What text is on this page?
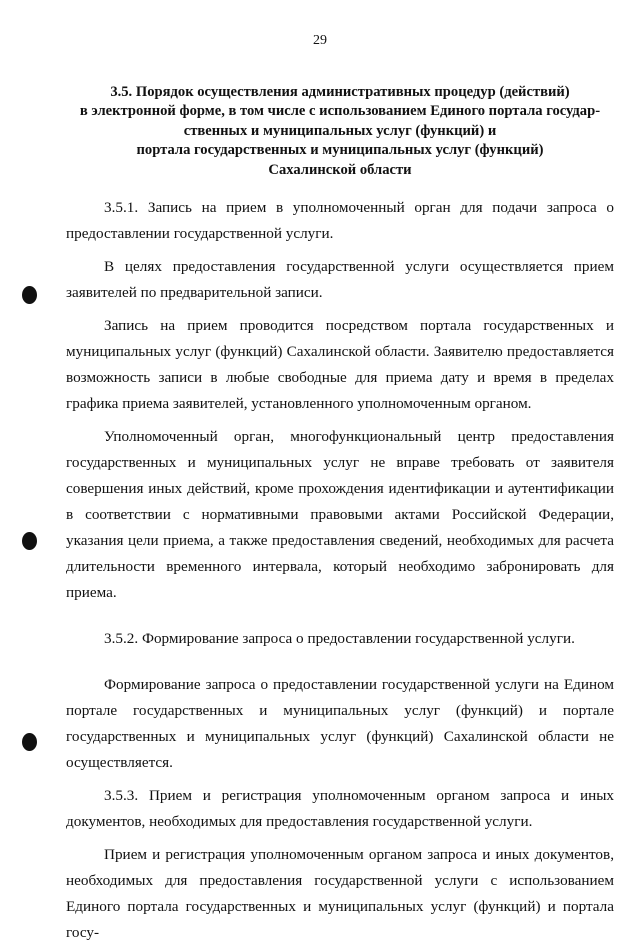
29
3.5. Порядок осуществления административных процедур (действий)
в электронной форме, в том числе с использованием Единого портала государ-
ственных и муниципальных услуг (функций) и
портала государственных и муниципальных услуг (функций)
Сахалинской области

3.5.1. Запись на прием в уполномоченный орган для подачи запроса о предоставлении государственной услуги.

В целях предоставления государственной услуги осуществляется прием заявителей по предварительной записи.

Запись на прием проводится посредством портала государственных и муниципальных услуг (функций) Сахалинской области. Заявителю предоставляется возможность записи в любые свободные для приема дату и время в пределах графика приема заявителей, установленного уполномоченным органом.

Уполномоченный орган, многофункциональный центр предоставления государственных и муниципальных услуг не вправе требовать от заявителя совершения иных действий, кроме прохождения идентификации и аутентификации в соответствии с нормативными правовыми актами Российской Федерации, указания цели приема, а также предоставления сведений, необходимых для расчета длительности временного интервала, который необходимо забронировать для приема.

3.5.2. Формирование запроса о предоставлении государственной услуги.

Формирование запроса о предоставлении государственной услуги на Едином портале государственных и муниципальных услуг (функций) и портале государственных и муниципальных услуг (функций) Сахалинской области не осуществляется.

3.5.3. Прием и регистрация уполномоченным органом запроса и иных документов, необходимых для предоставления государственной услуги.

Прием и регистрация уполномоченным органом запроса и иных документов, необходимых для предоставления государственной услуги с использованием Единого портала государственных и муниципальных услуг (функций) и портала госу-
